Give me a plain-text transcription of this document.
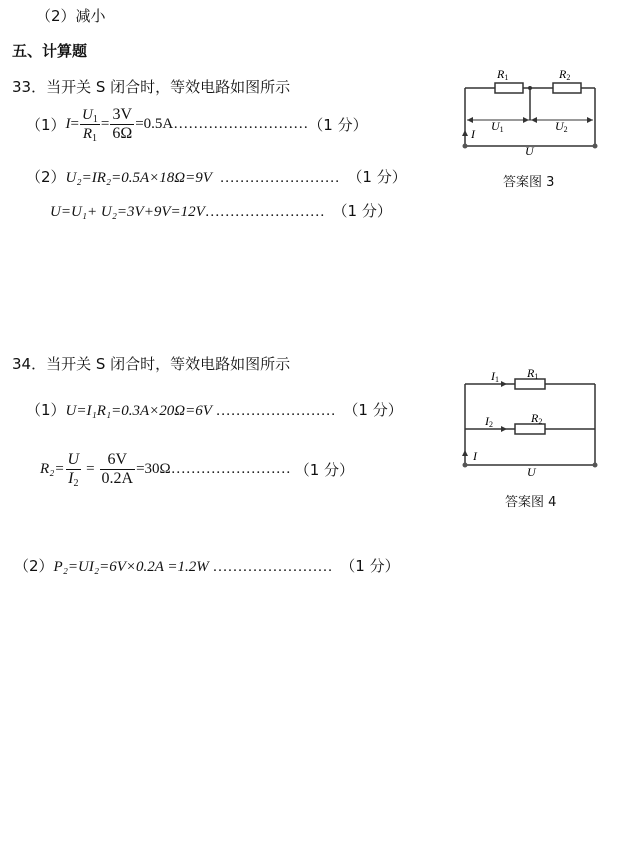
（2）减小
五、计算题
33．当开关 S 闭合时，等效电路如图所示
（1） $I = \frac{U_1}{R_1} = \frac{3V}{6\Omega} =0.5A$ ……………………… （1 分）
（2）U₂=IR₂=0.5A×18Ω=9V …………………… （1 分）
U=U₁+ U₂=3V+9V=12V…………………… （1 分）
R1	R2
U1	U2
I
U
答案图 3
34．当开关 S 闭合时，等效电路如图所示
（1）U=I₁R₁=0.3A×20Ω=6V …………………… （1 分）
$R_2= \frac{U}{I_2} = \frac{6V}{0.2A} =30\Omega$ …………………… （1 分）
（2）P₂=UI₂=6V×0.2A =1.2W …………………… （1 分）
I1 R1
I2	R2
I
U
答案图 4
